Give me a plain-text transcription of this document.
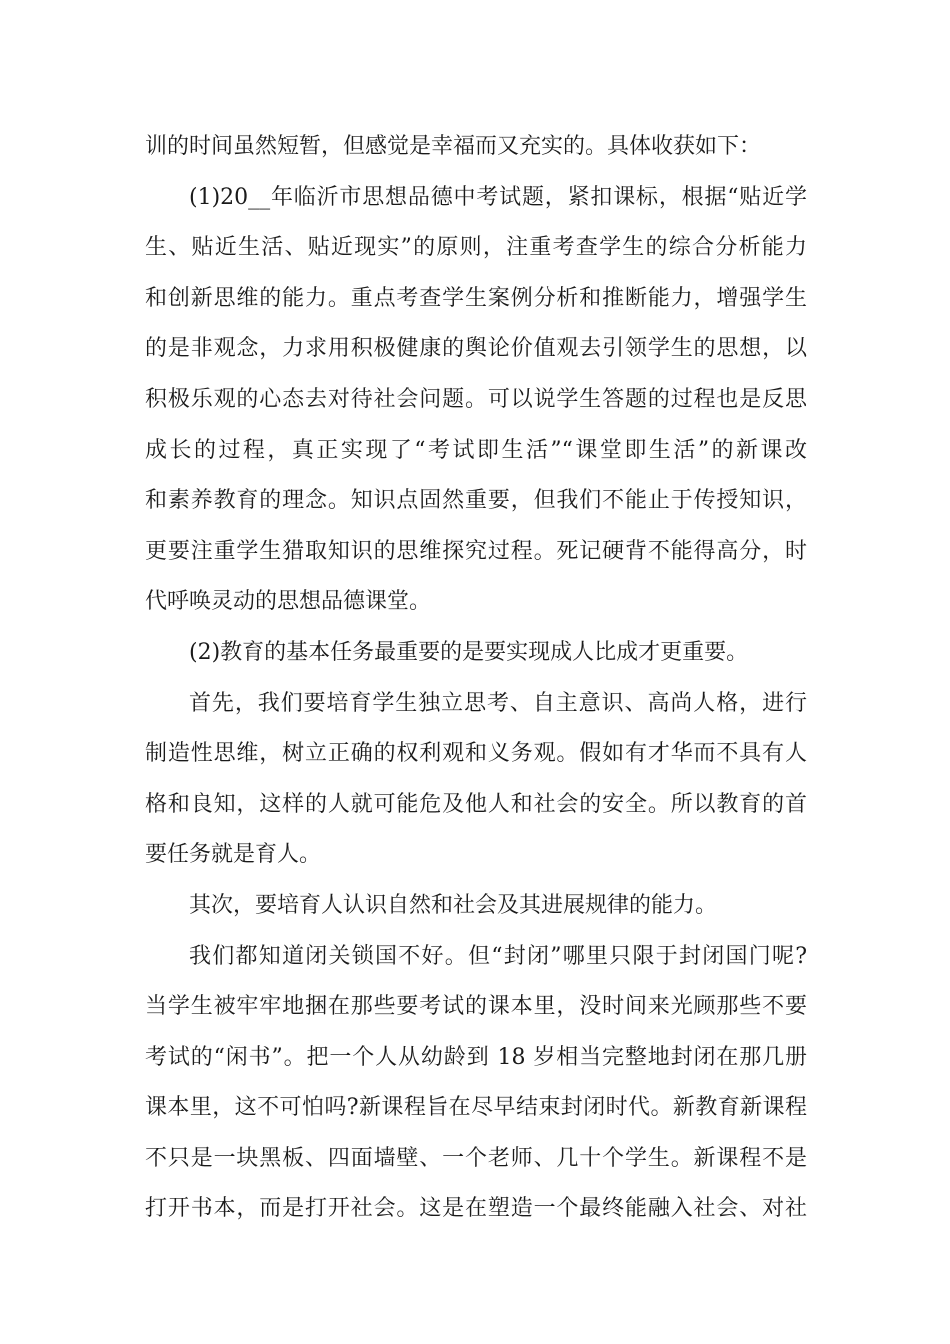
训的时间虽然短暂，但感觉是幸福而又充实的。具体收获如下：
(1)20__年临沂市思想品德中考试题，紧扣课标，根据“贴近学
生、贴近生活、贴近现实”的原则，注重考查学生的综合分析能力
和创新思维的能力。重点考查学生案例分析和推断能力，增强学生
的是非观念，力求用积极健康的舆论价值观去引领学生的思想，以
积极乐观的心态去对待社会问题。可以说学生答题的过程也是反思
成长的过程，真正实现了“考试即生活”“课堂即生活”的新课改
和素养教育的理念。知识点固然重要，但我们不能止于传授知识，
更要注重学生猎取知识的思维探究过程。死记硬背不能得高分，时
代呼唤灵动的思想品德课堂。
(2)教育的基本任务最重要的是要实现成人比成才更重要。
首先，我们要培育学生独立思考、自主意识、高尚人格，进行
制造性思维，树立正确的权利观和义务观。假如有才华而不具有人
格和良知，这样的人就可能危及他人和社会的安全。所以教育的首
要任务就是育人。
其次，要培育人认识自然和社会及其进展规律的能力。
我们都知道闭关锁国不好。但“封闭”哪里只限于封闭国门呢?
当学生被牢牢地捆在那些要考试的课本里，没时间来光顾那些不要
考试的“闲书”。把一个人从幼龄到 18 岁相当完整地封闭在那几册
课本里，这不可怕吗?新课程旨在尽早结束封闭时代。新教育新课程
不只是一块黑板、四面墙壁、一个老师、几十个学生。新课程不是
打开书本，而是打开社会。这是在塑造一个最终能融入社会、对社
